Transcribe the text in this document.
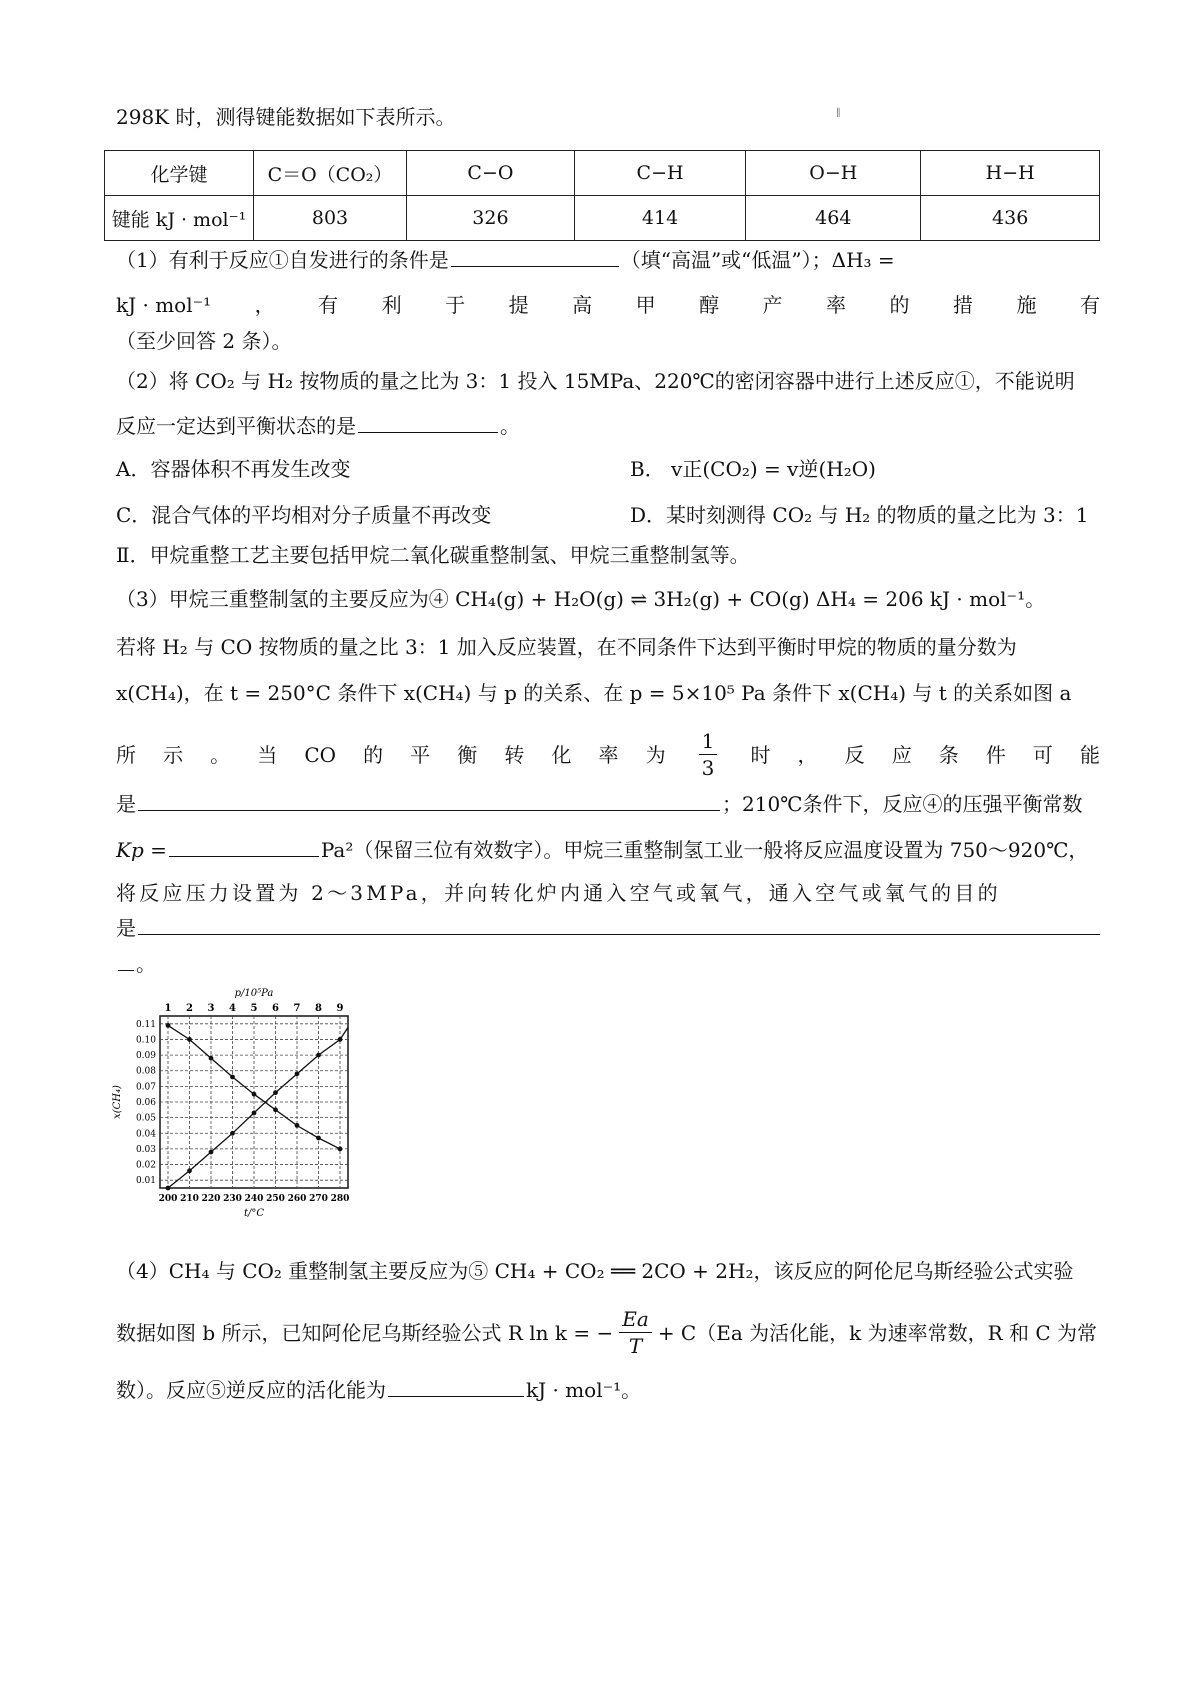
∥
298K 时，测得键能数据如下表所示。
化学键	C＝O（CO₂）	C−O	C−H	O−H	H−H
键能 kJ · mol⁻¹	803	326	414	464	436
（1）有利于反应①自发进行的条件是	（填“高温”或“低温”）；ΔH₃ =
kJ · mol⁻¹ ， 有 利 于 提 高 甲 醇 产 率 的 措 施 有
（至少回答 2 条）。
（2）将 CO₂ 与 H₂ 按物质的量之比为 3：1 投入 15MPa、220℃的密闭容器中进行上述反应①，不能说明
反应一定达到平衡状态的是	。
A．容器体积不再发生改变	B． v正(CO₂) = v逆(H₂O)
C．混合气体的平均相对分子质量不再改变	D．某时刻测得 CO₂ 与 H₂ 的物质的量之比为 3：1
Ⅱ．甲烷重整工艺主要包括甲烷二氧化碳重整制氢、甲烷三重整制氢等。
（3）甲烷三重整制氢的主要反应为④ CH₄(g) + H₂O(g) ⇌ 3H₂(g) + CO(g) ΔH₄ = 206 kJ · mol⁻¹。
若将 H₂ 与 CO 按物质的量之比 3：1 加入反应装置，在不同条件下达到平衡时甲烷的物质的量分数为
x(CH₄)，在 t = 250°C 条件下 x(CH₄) 与 p 的关系、在 p = 5×10⁵ Pa 条件下 x(CH₄) 与 t 的关系如图 a
所 示 。 当 CO 的 平 衡 转 化 率 为 $\frac{1}{3}$ 时 ， 反 应 条 件 可 能
是	；210℃条件下，反应④的压强平衡常数
Kp =	Pa²（保留三位有效数字）。甲烷三重整制氢工业一般将反应温度设置为 750～920℃，
将反应压力设置为 2～3MPa，并向转化炉内通入空气或氧气，通入空气或氧气的目的
是
。
0.11
0.10
0.09
0.08
0.07
0.06
0.05
0.04
0.03
0.02
0.01
200 210 220 230 240 250 260 270 280
1 2 3 4 5 6 7 8 9
p/10⁵Pa
t/°C
x(CH₄)
（4）CH₄ 与 CO₂ 重整制氢主要反应为⑤ CH₄ + CO₂ ══ 2CO + 2H₂，该反应的阿伦尼乌斯经验公式实验
数据如图 b 所示，已知阿伦尼乌斯经验公式 R ln k = − $\frac{Ea}{T} + C(Ea$ 为活化能，k 为速率常数，R 和 C 为常
数）。反应⑤逆反应的活化能为	kJ · mol⁻¹。
